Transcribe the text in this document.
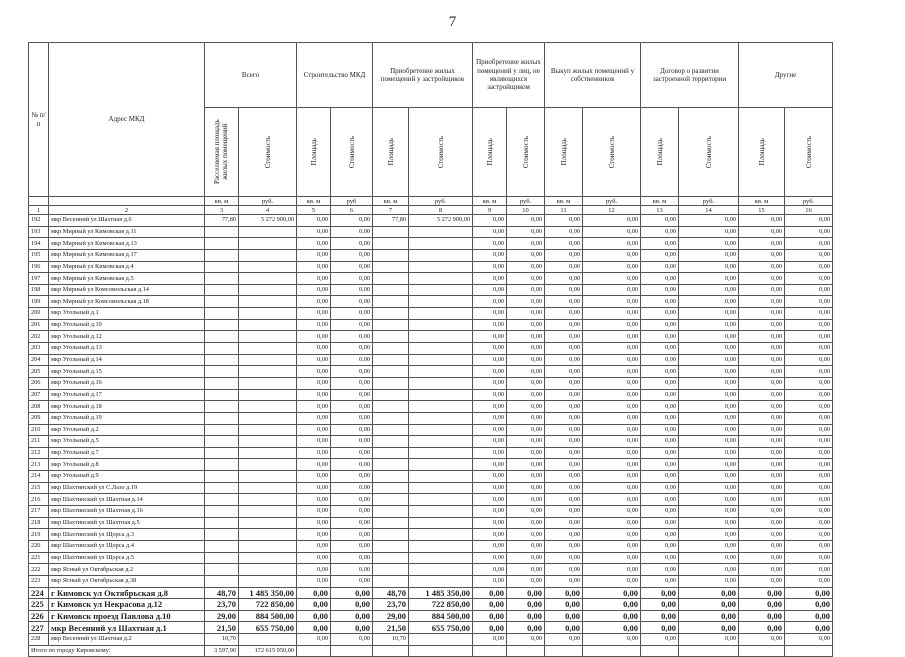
7
№ п/п	Адрес МКД	Всего		Строительство МКД		Приобретение жилых помещений у застройщиков		Приобретение жилых помещений у лиц, не являющихся застройщиком		Выкуп жилых помещений у собственников		Договор о развитии застроенной территории		Другие	

		Расселяемая площадь жилых помещений	Стоимость	Площадь	Стоимость	Площадь	Стоимость	Площадь	Стоимость	Площадь	Стоимость	Площадь	Стоимость	Площадь	Стоимость

		кв. м	руб.	кв. м	руб	кв. м	руб.	кв. м	руб.	кв. м	руб.	кв. м	руб.	кв. м	руб.
1	2	3	4	5	6	7	8	9	10	11	12	13	14	15	16
192	мкр Весенний ул Шахтная д.6	77,80	5 272 900,00	0,00	0,00	77,80	5 272 900,00	0,00	0,00	0,00	0,00	0,00	0,00	0,00	0,00
193	мкр Мирный ул Кимовская д.11			0,00	0,00			0,00	0,00	0,00	0,00	0,00	0,00	0,00	0,00
194	мкр Мирный ул Кимовская д.13			0,00	0,00			0,00	0,00	0,00	0,00	0,00	0,00	0,00	0,00
195	мкр Мирный ул Кимовская д.17			0,00	0,00			0,00	0,00	0,00	0,00	0,00	0,00	0,00	0,00
196	мкр Мирный ул Кимовская д.4			0,00	0,00			0,00	0,00	0,00	0,00	0,00	0,00	0,00	0,00
197	мкр Мирный ул Кимовская д.5			0,00	0,00			0,00	0,00	0,00	0,00	0,00	0,00	0,00	0,00
198	мкр Мирный ул Комсомольская д.14			0,00	0,00			0,00	0,00	0,00	0,00	0,00	0,00	0,00	0,00
199	мкр Мирный ул Комсомольская д.18			0,00	0,00			0,00	0,00	0,00	0,00	0,00	0,00	0,00	0,00
200	мкр Угольный д.1			0,00	0,00			0,00	0,00	0,00	0,00	0,00	0,00	0,00	0,00
201	мкр Угольный д.10			0,00	0,00			0,00	0,00	0,00	0,00	0,00	0,00	0,00	0,00
202	мкр Угольный д.12			0,00	0,00			0,00	0,00	0,00	0,00	0,00	0,00	0,00	0,00
203	мкр Угольный д.13			0,00	0,00			0,00	0,00	0,00	0,00	0,00	0,00	0,00	0,00
204	мкр Угольный д.14			0,00	0,00			0,00	0,00	0,00	0,00	0,00	0,00	0,00	0,00
205	мкр Угольный д.15			0,00	0,00			0,00	0,00	0,00	0,00	0,00	0,00	0,00	0,00
206	мкр Угольный д.16			0,00	0,00			0,00	0,00	0,00	0,00	0,00	0,00	0,00	0,00
207	мкр Угольный д.17			0,00	0,00			0,00	0,00	0,00	0,00	0,00	0,00	0,00	0,00
208	мкр Угольный д.18			0,00	0,00			0,00	0,00	0,00	0,00	0,00	0,00	0,00	0,00
209	мкр Угольный д.19			0,00	0,00			0,00	0,00	0,00	0,00	0,00	0,00	0,00	0,00
210	мкр Угольный д.2			0,00	0,00			0,00	0,00	0,00	0,00	0,00	0,00	0,00	0,00
211	мкр Угольный д.5			0,00	0,00			0,00	0,00	0,00	0,00	0,00	0,00	0,00	0,00
212	мкр Угольный д.7			0,00	0,00			0,00	0,00	0,00	0,00	0,00	0,00	0,00	0,00
213	мкр Угольный д.8			0,00	0,00			0,00	0,00	0,00	0,00	0,00	0,00	0,00	0,00
214	мкр Угольный д.9			0,00	0,00			0,00	0,00	0,00	0,00	0,00	0,00	0,00	0,00
215	мкр Шахтинский ул С.Лазо д.19			0,00	0,00			0,00	0,00	0,00	0,00	0,00	0,00	0,00	0,00
216	мкр Шахтинский ул Шахтная д.14			0,00	0,00			0,00	0,00	0,00	0,00	0,00	0,00	0,00	0,00
217	мкр Шахтинский ул Шахтная д.16			0,00	0,00			0,00	0,00	0,00	0,00	0,00	0,00	0,00	0,00
218	мкр Шахтинский ул Шахтная д.5			0,00	0,00			0,00	0,00	0,00	0,00	0,00	0,00	0,00	0,00
219	мкр Шахтинский ул Щорса д.3			0,00	0,00			0,00	0,00	0,00	0,00	0,00	0,00	0,00	0,00
220	мкр Шахтинский ул Щорса д.4			0,00	0,00			0,00	0,00	0,00	0,00	0,00	0,00	0,00	0,00
221	мкр Шахтинский ул Щорса д.5			0,00	0,00			0,00	0,00	0,00	0,00	0,00	0,00	0,00	0,00
222	мкр Ясный ул Октябрьская д.2			0,00	0,00			0,00	0,00	0,00	0,00	0,00	0,00	0,00	0,00
223	мкр Ясный ул Октябрьская д.38			0,00	0,00			0,00	0,00	0,00	0,00	0,00	0,00	0,00	0,00
224	г Кимовск ул Октябрьская д.8	48,70	1 485 350,00	0,00	0,00	48,70	1 485 350,00	0,00	0,00	0,00	0,00	0,00	0,00	0,00	0,00
225	г Кимовск ул Некрасова д.12	23,70	722 850,00	0,00	0,00	23,70	722 850,00	0,00	0,00	0,00	0,00	0,00	0,00	0,00	0,00
226	г Кимовск проезд Павлова д.10	29,00	884 500,00	0,00	0,00	29,00	884 500,00	0,00	0,00	0,00	0,00	0,00	0,00	0,00	0,00
227	мкр Весенний ул Шахтная д.1	21,50	655 750,00	0,00	0,00	21,50	655 750,00	0,00	0,00	0,00	0,00	0,00	0,00	0,00	0,00
228	мкр Весенний ул Шахтная д.2	10,70		0,00	0,00	10,70		0,00	0,00	0,00	0,00	0,00	0,00	0,00	0,00
Итого по городу Кировскому:		3 597,90	172 615 950,00												
